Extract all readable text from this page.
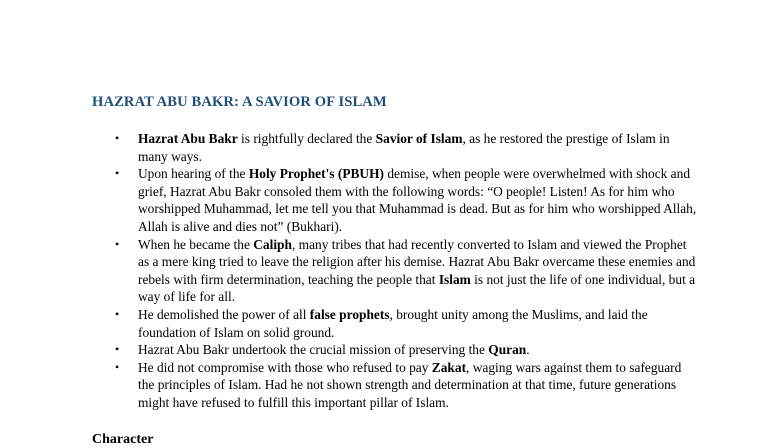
HAZRAT ABU BAKR: A SAVIOR OF ISLAM
• Hazrat Abu Bakr is rightfully declared the Savior of Islam, as he restored the prestige of Islam in many ways.
• Upon hearing of the Holy Prophet's (PBUH) demise, when people were overwhelmed with shock and grief, Hazrat Abu Bakr consoled them with the following words: “O people! Listen! As for him who worshipped Muhammad, let me tell you that Muhammad is dead. But as for him who worshipped Allah, Allah is alive and dies not” (Bukhari).
• When he became the Caliph, many tribes that had recently converted to Islam and viewed the Prophet as a mere king tried to leave the religion after his demise. Hazrat Abu Bakr overcame these enemies and rebels with firm determination, teaching the people that Islam is not just the life of one individual, but a way of life for all.
• He demolished the power of all false prophets, brought unity among the Muslims, and laid the foundation of Islam on solid ground.
• Hazrat Abu Bakr undertook the crucial mission of preserving the Quran.
• He did not compromise with those who refused to pay Zakat, waging wars against them to safeguard the principles of Islam. Had he not shown strength and determination at that time, future generations might have refused to fulfill this important pillar of Islam.
Character
